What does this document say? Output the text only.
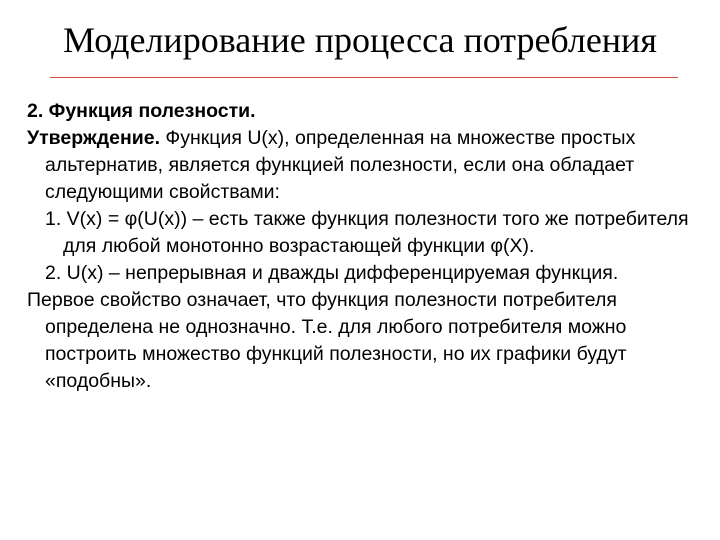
Моделирование процесса потребления

2. Функция полезности.

Утверждение. Функция U(x), определенная на множестве простых альтернатив, является функцией полезности, если она обладает следующими свойствами:

1. V(x) = φ(U(x)) – есть также функция полезности того же потребителя для любой монотонно возрастающей функции φ(X).

2. U(x) – непрерывная и дважды дифференцируемая функция.

Первое свойство означает, что функция полезности потребителя определена не однозначно. Т.е. для любого потребителя можно построить множество функций полезности, но их графики будут «подобны».
